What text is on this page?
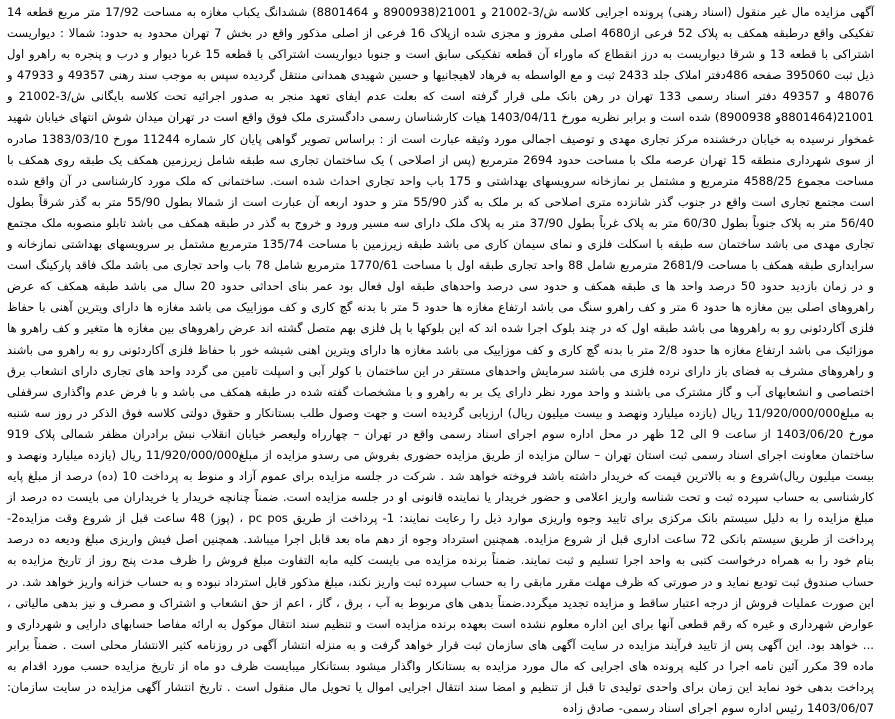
آگهی مزایده مال غیر منقول (اسناد رهنی) پرونده اجرایی کلاسه ش/3-21002 و 21001(8900938 و 8801464) ششدانگ یکباب مغازه به مساحت 17/92 متر مربع قطعه 14 تفکیکی واقع درطبقه همکف به پلاک 52 فرعی از4680 اصلی مفروز و مجزی شده ازپلاک 16 فرعی از اصلی مذکور واقع در بخش 7 تهران محدود به حدود: شمالا : دیواریست اشتراکی با قطعه 13 و شرقا دیواریست به درز انقطاع که ماوراء آن قطعه تفکیکی سابق است و جنوبا دیواریست اشتراکی با قطعه 15 غربا دیوار و درب و پنجره به راهرو اول ذیل ثبت 395060 صفحه 486دفتر املاک جلد 2433 ثبت و مع الواسطه به فرهاد لاهیجانیها و حسین شهیدی همدانی منتقل گردیده سپس به موجب سند رهنی 49357 و 47933 و 48076 و 49357 دفتر اسناد رسمی 133 تهران در رهن بانک ملی قرار گرفته است که بعلت عدم ایفای تعهد منجر به صدور اجرائیه تحت کلاسه بایگانی ش/3-21002 و 21001(8801464و 8900938) شده است و برابر نظریه مورخ 1403/04/11 هیات کارشناسان رسمی دادگستری ملک فوق واقع است در تهران میدان شوش انتهای خیابان شهید غمخوار نرسیده به خیابان درخشنده مرکز تجاری مهدی و توصیف اجمالی مورد وثیقه عبارت است از : براساس تصویر گواهی پایان کار شماره 11244 مورخ 1383/03/10 صادره از سوی شهرداری منطقه 15 تهران عرصه ملک با مساحت حدود 2694 مترمربع (پس از اصلاحی ) یک ساختمان تجاری سه طبقه شامل زیرزمین همکف یک طبقه روی همکف با مساحت مجموع 4588/25 مترمربع و مشتمل بر نمازخانه سرویسهای بهداشتی و 175 باب واحد تجاری احداث شده است. ساختمانی که ملک مورد کارشناسی در آن واقع شده است مجتمع تجاری است واقع در جنوب گذر شانزده متری اصلاحی که بر ملک به گذر 55/90 متر و حدود اربعه آن عبارت است از شمالا بطول 55/90 متر به گذر شرقاً بطول 56/40 متر به پلاک جنوباً بطول 60/30 متر به پلاک غرباً بطول 37/90 متر به پلاک ملک دارای سه مسیر ورود و خروج به گذر در طبقه همکف می باشد تابلو منصوبه ملک مجتمع تجاری مهدی می باشد ساختمان سه طبقه با اسکلت فلزی و نمای سیمان کاری می باشد طبقه زیرزمین با مساحت 135/74 مترمربع مشتمل بر سرویسهای بهداشتی نمازخانه و سرایداری طبقه همکف با مساحت 2681/9 مترمربع شامل 88 واحد تجاری طبقه اول با مساحت 1770/61 مترمربع شامل 78 باب واحد تجاری می باشد ملک فاقد پارکینگ است و در زمان بازدید حدود 50 درصد واحد ها ی طبقه همکف و حدود سی درصد واحدهای طبقه اول فعال بود عمر بنای احداثی حدود 20 سال می باشد طبقه همکف که عرض راهروهای اصلی بین مغازه ها حدود 6 متر و کف راهرو سنگ می باشد ارتفاع مغازه ها حدود 5 متر با بدنه گچ کاری و کف موزاییک می باشد مغازه ها دارای ویترین آهنی با حفاظ فلزی آکاردئونی رو به راهروها می باشد طبقه اول که در چند بلوک اجرا شده اند که این بلوکها با پل فلزی بهم متصل گشته اند عرض راهروهای بین مغازه ها متغیر و کف راهرو ها موزائیک می باشد ارتفاع مغازه ها حدود 2/8 متر با بدنه گچ کاری و کف موزاییک می باشد مغازه ها دارای ویترین اهنی شیشه خور با حفاظ فلزی آکاردئونی رو به راهرو می باشند و راهروهای مشرف به فضای باز دارای نرده فلزی می باشند سرمایش واحدهای مستقر در این ساختمان با کولر آبی و اسپلت تامین می گردد واحد های تجاری دارای انشعاب برق اختصاصی و انشعابهای آب و گاز مشترک می باشند و واحد مورد نظر دارای یک بر به راهرو و با مشخصات گفته شده در طبقه همکف می باشد و با فرض عدم واگذاری سرقفلی به مبلغ11/920/000/000 ریال (یازده میلیارد ونهصد و بیست میلیون ریال) ارزیابی گردیده است و جهت وصول طلب بستانکار و حقوق دولتی کلاسه فوق الذکر در روز سه شنبه مورخ 1403/06/20 از ساعت 9 الی 12 ظهر در محل اداره سوم اجرای اسناد رسمی واقع در تهران – چهارراه ولیعصر خیابان انقلاب نبش برادران مظفر شمالی پلاک 919 ساختمان معاونت اجرای اسناد رسمی ثبت استان تهران – سالن مزایده از طریق مزایده حضوری بفروش می رسدو مزایده از مبلغ11/920/000/000 ریال (یازده میلیارد ونهصد و بیست میلیون ریال)شروع و به بالاترین قیمت که خریدار داشته باشد فروخته خواهد شد . شرکت در جلسه مزایده برای عموم آزاد و منوط به پرداخت 10 (ده) درصد از مبلغ پایه کارشناسی به حساب سپرده ثبت و تحت شناسه واریز اعلامی و حضور خریدار یا نماینده قانونی او در جلسه مزایده است. ضمناً چنانچه خریدار یا خریداران می بایست ده درصد از مبلغ مزایده را به دلیل سیستم بانک مرکزی برای تایید وجوه واریزی موارد ذیل را رعایت نمایند: 1- پرداخت از طریق pc pos ، (پوز) 48 ساعت قبل از شروع وقت مزایده2- پرداخت از طریق سیستم بانکی 72 ساعت اداری قبل از شروع مزایده. همچنین استرداد وجوه از دهم ماه بعد قابل اجرا میباشد. همچنین اصل فیش واریزی مبلغ ودیعه ده درصد بنام خود را به همراه درخواست کتبی به واحد اجرا تسلیم و ثبت نمایند. ضمناً برنده مزایده می بایست کلیه مابه التفاوت مبلغ فروش را ظرف مدت پنج روز از تاریخ مزایده به حساب صندوق ثبت تودیع نماید و در صورتی که ظرف مهلت مقرر مابقی را به حساب سپرده ثبت واریز نکند، مبلغ مذکور قابل استرداد نبوده و به حساب خزانه واریز خواهد شد. در این صورت عملیات فروش از درجه اعتبار ساقط و مزایده تجدید میگردد.ضمناً بدهی های مربوط به آب ، برق ، گاز ، اعم از حق انشعاب و اشتراک و مصرف و نیز بدهی مالیاتی ، عوارض شهرداری و غیره که رقم قطعی آنها برای این اداره معلوم نشده است بعهده برنده مزایده است و تنظیم سند انتقال موکول به ارائه مفاصا حسابهای دارایی و شهرداری و ... خواهد بود. این آگهی پس از تایید فرآیند مزایده در سایت آگهی های سازمان ثبت قرار خواهد گرفت و به منزله انتشار آگهی در روزنامه کثیر الانتشار محلی است . ضمناً برابر ماده 39 مکرر آئین نامه اجرا در کلیه پرونده های اجرایی که مال مورد مزایده به بستانکار واگذار میشود بستانکار میبایست ظرف دو ماه از تاریخ مزایده حسب مورد اقدام به پرداخت بدهی خود نماید این زمان برای واحدی تولیدی تا قبل از تنظیم و امضا سند انتقال اجرایی اموال یا تحویل مال منقول است . تاریخ انتشار آگهی مزایده در سایت سازمان: 1403/06/07 رئیس اداره سوم اجرای اسناد رسمی- صادق زاده
